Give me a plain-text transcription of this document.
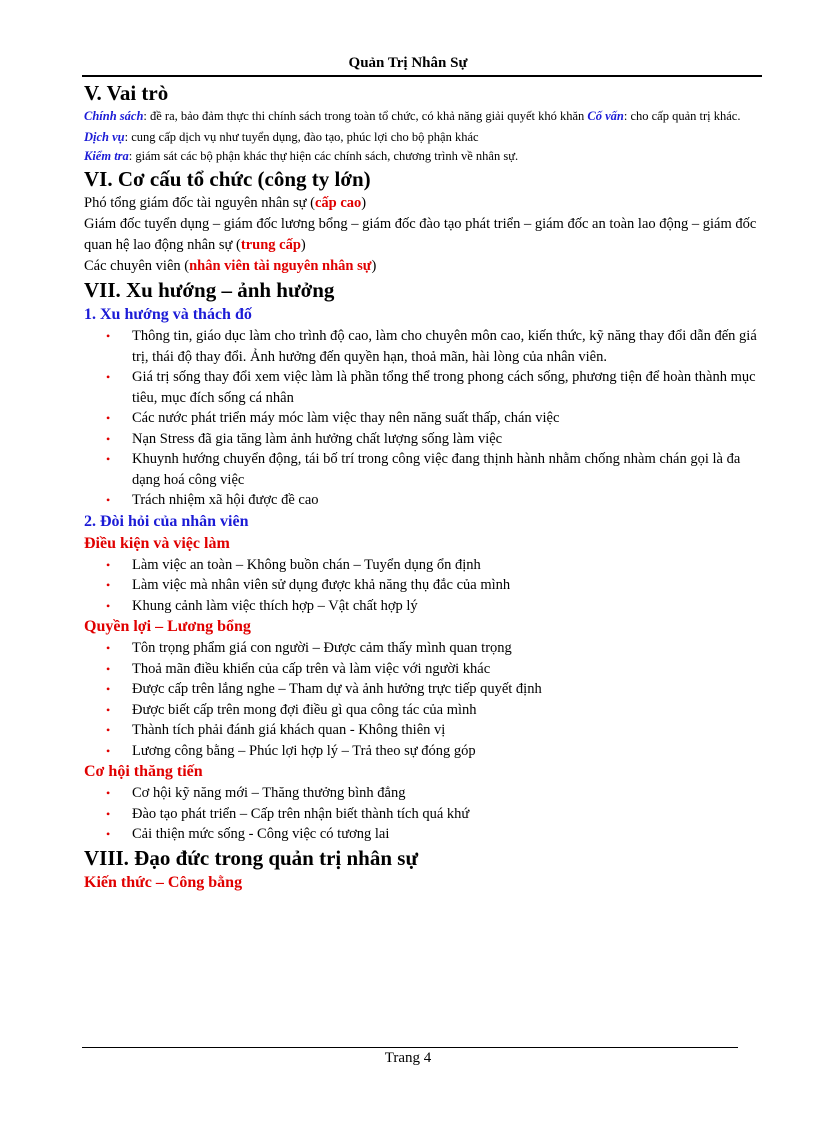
Quản Trị Nhân Sự
V. Vai trò

Chính sách: đề ra, bảo đảm thực thi chính sách trong toàn tổ chức, có khả năng giải quyết khó khăn Cố vấn: cho cấp quản trị khác.

Dịch vụ: cung cấp dịch vụ như tuyển dụng, đào tạo, phúc lợi cho bộ phận khác

Kiểm tra: giám sát các bộ phận khác thự hiện các chính sách, chương trình về nhân sự.

VI. Cơ cấu tổ chức (công ty lớn)

Phó tổng giám đốc tài nguyên nhân sự (cấp cao)

Giám đốc tuyển dụng – giám đốc lương bổng – giám đốc đào tạo phát triển – giám đốc an toàn lao động – giám đốc quan hệ lao động nhân sự (trung cấp)

Các chuyên viên (nhân viên tài nguyên nhân sự)

VII. Xu hướng – ảnh hưởng
1. Xu hướng và thách đố
• Thông tin, giáo dục làm cho trình độ cao, làm cho chuyên môn cao, kiến thức, kỹ năng thay đổi dẫn đến giá trị, thái độ thay đổi. Ảnh hưởng đến quyền hạn, thoả mãn, hài lòng của nhân viên.
• Giá trị sống thay đổi xem việc làm là phần tổng thể trong phong cách sống, phương tiện để hoàn thành mục tiêu, mục đích sống cá nhân
• Các nước phát triển máy móc làm việc thay nên năng suất thấp, chán việc
• Nạn Stress đã gia tăng làm ảnh hưởng chất lượng sống làm việc
• Khuynh hướng chuyển động, tái bố trí trong công việc đang thịnh hành nhằm chống nhàm chán gọi là đa dạng hoá công việc
• Trách nhiệm xã hội được đề cao
2. Đòi hỏi của nhân viên
Điều kiện và việc làm
• Làm việc an toàn – Không buồn chán – Tuyển dụng ổn định
• Làm việc mà nhân viên sử dụng được khả năng thụ đắc của mình
• Khung cảnh làm việc thích hợp – Vật chất hợp lý
Quyền lợi – Lương bổng
• Tôn trọng phẩm giá con người – Được cảm thấy mình quan trọng
• Thoả mãn điều khiển của cấp trên và làm việc với người khác
• Được cấp trên lắng nghe – Tham dự và ảnh hưởng trực tiếp quyết định
• Được biết cấp trên mong đợi điều gì qua công tác của mình
• Thành tích phải đánh giá khách quan - Không thiên vị
• Lương công bằng – Phúc lợi hợp lý – Trả theo sự đóng góp
Cơ hội thăng tiến
• Cơ hội kỹ năng mới – Thăng thưởng bình đẳng
• Đào tạo phát triển – Cấp trên nhận biết thành tích quá khứ
• Cải thiện mức sống - Công việc có tương lai
VIII. Đạo đức trong quản trị nhân sự
Kiến thức – Công bằng
Trang 4
